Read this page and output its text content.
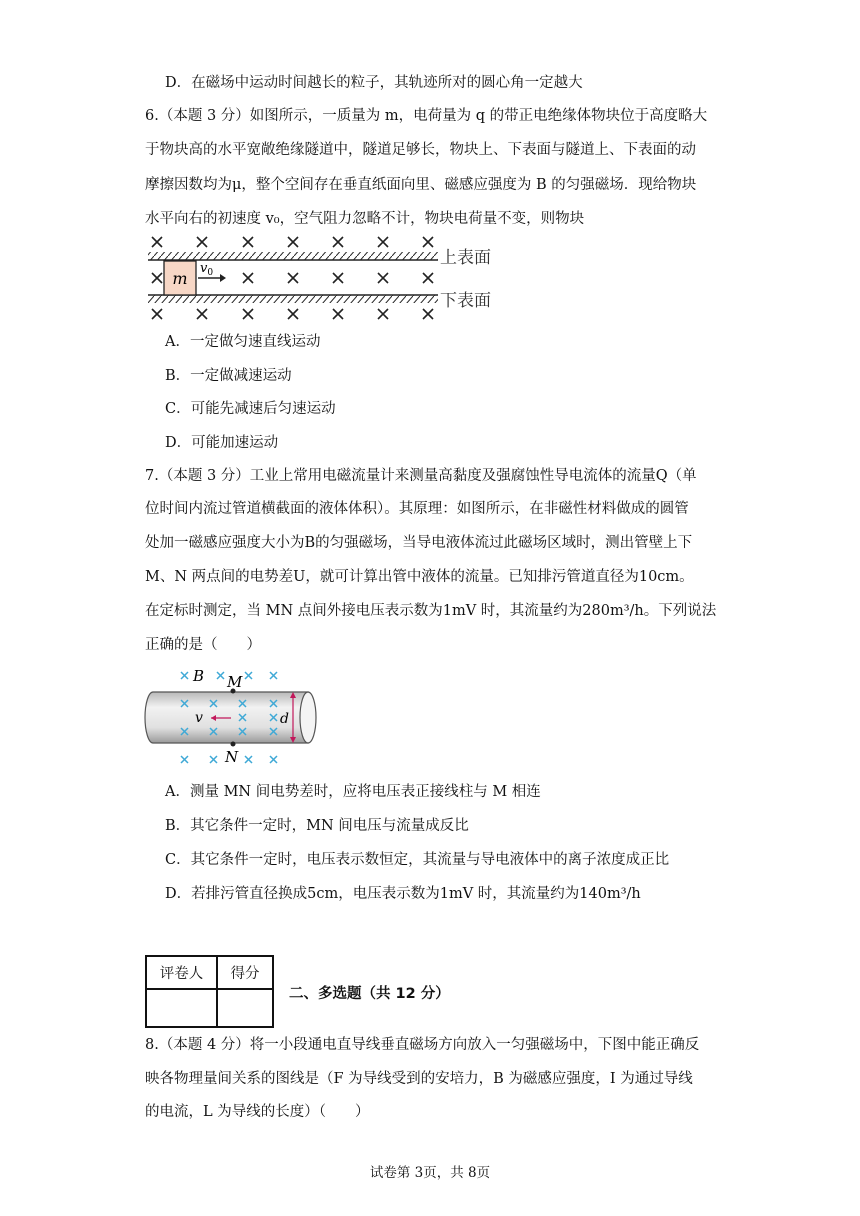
D．在磁场中运动时间越长的粒子，其轨迹所对的圆心角一定越大
6.（本题 3 分）如图所示，一质量为 m，电荷量为 q 的带正电绝缘体物块位于高度略大
于物块高的水平宽敞绝缘隧道中，隧道足够长，物块上、下表面与隧道上、下表面的动
摩擦因数均为μ，整个空间存在垂直纸面向里、磁感应强度为 B 的匀强磁场．现给物块
水平向右的初速度 v₀，空气阻力忽略不计，物块电荷量不变，则物块
m
$v_0$
上表面
下表面
A．一定做匀速直线运动
B．一定做减速运动
C．可能先减速后匀速运动
D．可能加速运动
7.（本题 3 分）工业上常用电磁流量计来测量高黏度及强腐蚀性导电流体的流量Q（单
位时间内流过管道横截面的液体体积）。其原理：如图所示，在非磁性材料做成的圆管
处加一磁感应强度大小为B的匀强磁场，当导电液体流过此磁场区域时，测出管壁上下
M、N 两点间的电势差U，就可计算出管中液体的流量。已知排污管道直径为10cm。
在定标时测定，当 MN 点间外接电压表示数为1mV 时，其流量约为280m³/h。下列说法
正确的是（　　）
v	d
M
N
B
A．测量 MN 间电势差时，应将电压表正接线柱与 M 相连
B．其它条件一定时，MN 间电压与流量成反比
C．其它条件一定时，电压表示数恒定，其流量与导电液体中的离子浓度成正比
D．若排污管直径换成5cm，电压表示数为1mV 时，其流量约为140m³/h
评卷人	得分

二、多选题（共 12 分）
8.（本题 4 分）将一小段通电直导线垂直磁场方向放入一匀强磁场中，下图中能正确反
映各物理量间关系的图线是（F 为导线受到的安培力，B 为磁感应强度，I 为通过导线
的电流，L 为导线的长度）（　　）
试卷第 3页，共 8页
